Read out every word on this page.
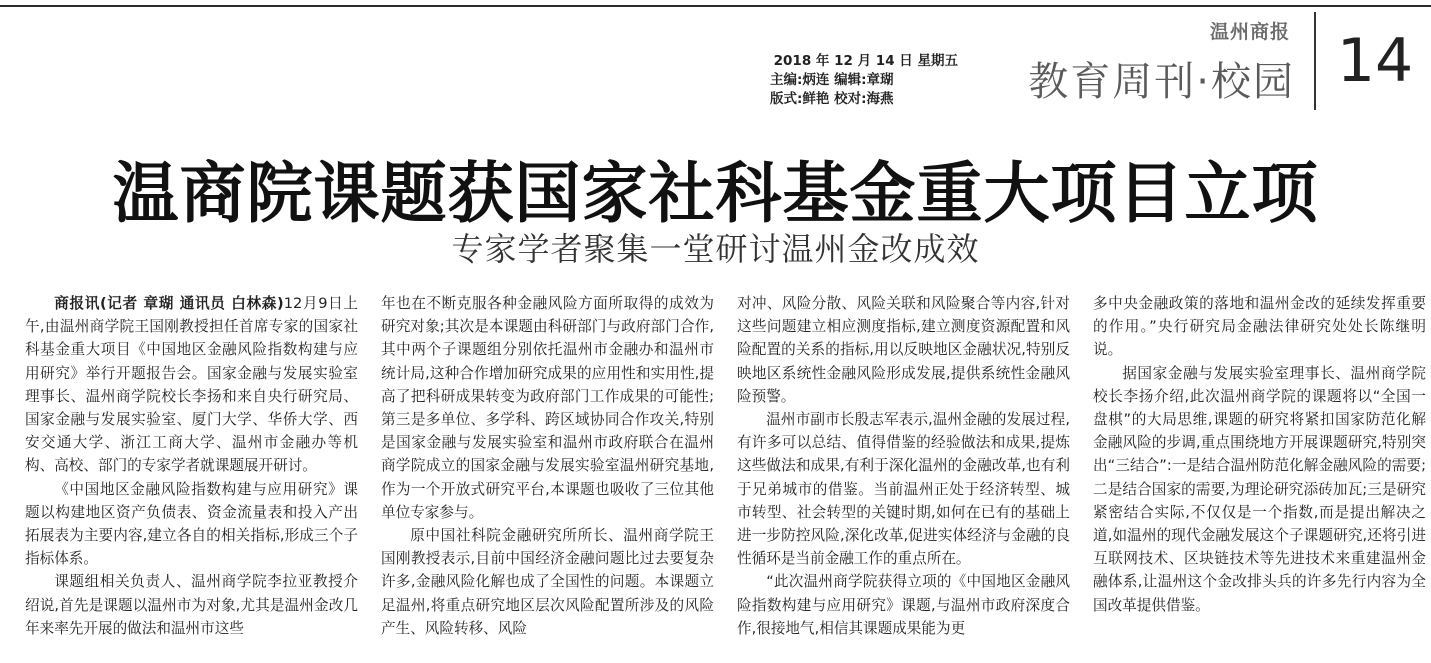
2018 年 12 月 14 日 星期五
主编:炳连 编辑:章瑚
版式:鲜艳 校对:海燕
温州商报
教育周刊·校园 14
温商院课题获国家社科基金重大项目立项
专家学者聚集一堂研讨温州金改成效

商报讯(记者 章瑚 通讯员 白林森)12月9日上午,由温州商学院王国刚教授担任首席专家的国家社科基金重大项目《中国地区金融风险指数构建与应用研究》举行开题报告会。国家金融与发展实验室理事长、温州商学院校长李扬和来自央行研究局、国家金融与发展实验室、厦门大学、华侨大学、西安交通大学、浙江工商大学、温州市金融办等机构、高校、部门的专家学者就课题展开研讨。

《中国地区金融风险指数构建与应用研究》课题以构建地区资产负债表、资金流量表和投入产出拓展表为主要内容,建立各自的相关指标,形成三个子指标体系。

课题组相关负责人、温州商学院李拉亚教授介绍说,首先是课题以温州市为对象,尤其是温州金改几年来率先开展的做法和温州市这些

年也在不断克服各种金融风险方面所取得的成效为研究对象;其次是本课题由科研部门与政府部门合作,其中两个子课题组分别依托温州市金融办和温州市统计局,这种合作增加研究成果的应用性和实用性,提高了把科研成果转变为政府部门工作成果的可能性;第三是多单位、多学科、跨区域协同合作攻关,特别是国家金融与发展实验室和温州市政府联合在温州商学院成立的国家金融与发展实验室温州研究基地,作为一个开放式研究平台,本课题也吸收了三位其他单位专家参与。

原中国社科院金融研究所所长、温州商学院王国刚教授表示,目前中国经济金融问题比过去要复杂许多,金融风险化解也成了全国性的问题。本课题立足温州,将重点研究地区层次风险配置所涉及的风险产生、风险转移、风险

对冲、风险分散、风险关联和风险聚合等内容,针对这些问题建立相应测度指标,建立测度资源配置和风险配置的关系的指标,用以反映地区金融状况,特别反映地区系统性金融风险形成发展,提供系统性金融风险预警。

温州市副市长殷志军表示,温州金融的发展过程,有许多可以总结、值得借鉴的经验做法和成果,提炼这些做法和成果,有利于深化温州的金融改革,也有利于兄弟城市的借鉴。当前温州正处于经济转型、城市转型、社会转型的关键时期,如何在已有的基础上进一步防控风险,深化改革,促进实体经济与金融的良性循环是当前金融工作的重点所在。

“此次温州商学院获得立项的《中国地区金融风险指数构建与应用研究》课题,与温州市政府深度合作,很接地气,相信其课题成果能为更

多中央金融政策的落地和温州金改的延续发挥重要的作用。”央行研究局金融法律研究处处长陈继明说。

据国家金融与发展实验室理事长、温州商学院校长李扬介绍,此次温州商学院的课题将以“全国一盘棋”的大局思维,课题的研究将紧扣国家防范化解金融风险的步调,重点围绕地方开展课题研究,特别突出“三结合”:一是结合温州防范化解金融风险的需要;二是结合国家的需要,为理论研究添砖加瓦;三是研究紧密结合实际,不仅仅是一个指数,而是提出解决之道,如温州的现代金融发展这个子课题研究,还将引进互联网技术、区块链技术等先进技术来重建温州金融体系,让温州这个金改排头兵的许多先行内容为全国改革提供借鉴。
